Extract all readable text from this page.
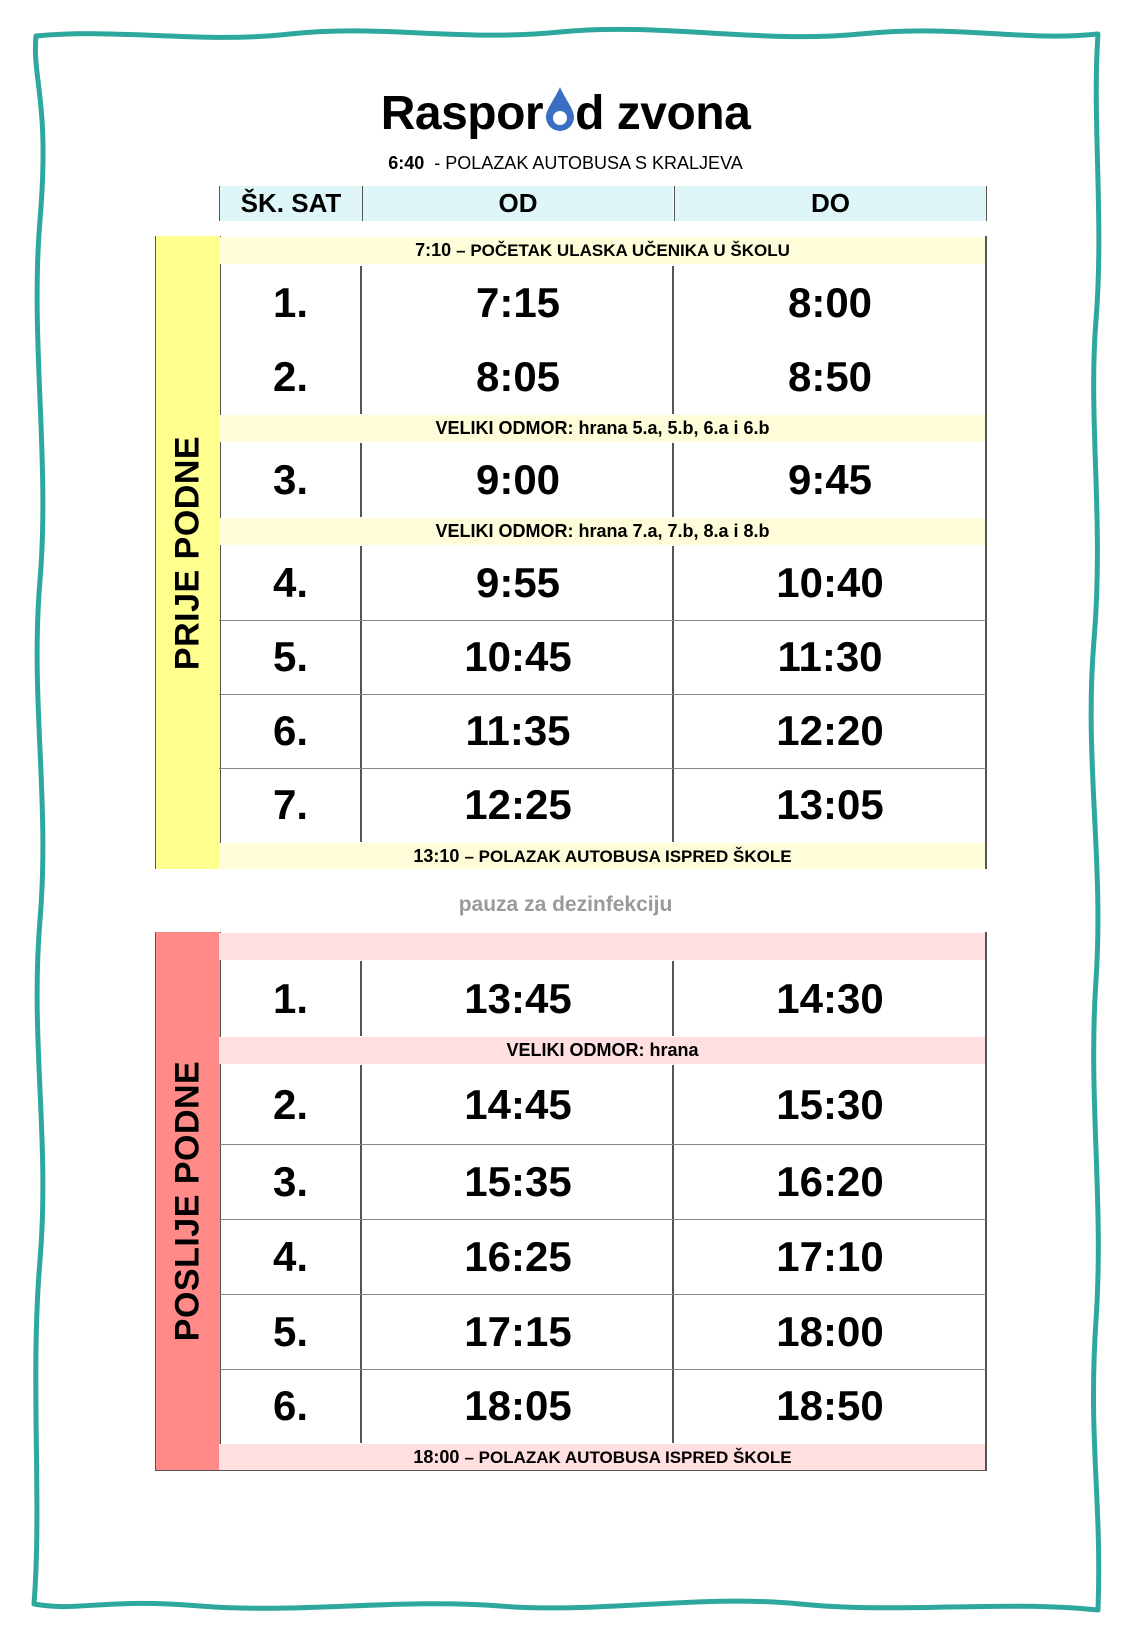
Raspor d zvona
6:40 - POLAZAK AUTOBUSA S KRALJEVA
ŠK. SAT	OD	DO
PRIJE PODNE
7:10 – POČETAK ULASKA UČENIKA U ŠKOLU
1.	7:15	8:00
2.	8:05	8:50
VELIKI ODMOR: hrana 5.a, 5.b, 6.a i 6.b
3.	9:00	9:45
VELIKI ODMOR: hrana 7.a, 7.b, 8.a i 8.b
4.	9:55	10:40
5.	10:45	11:30
6.	11:35	12:20
7.	12:25	13:05
13:10 – POLAZAK AUTOBUSA ISPRED ŠKOLE
pauza za dezinfekciju
POSLIJE PODNE
1.	13:45	14:30
VELIKI ODMOR: hrana
2.	14:45	15:30
3.	15:35	16:20
4.	16:25	17:10
5.	17:15	18:00
6.	18:05	18:50
18:00 – POLAZAK AUTOBUSA ISPRED ŠKOLE
